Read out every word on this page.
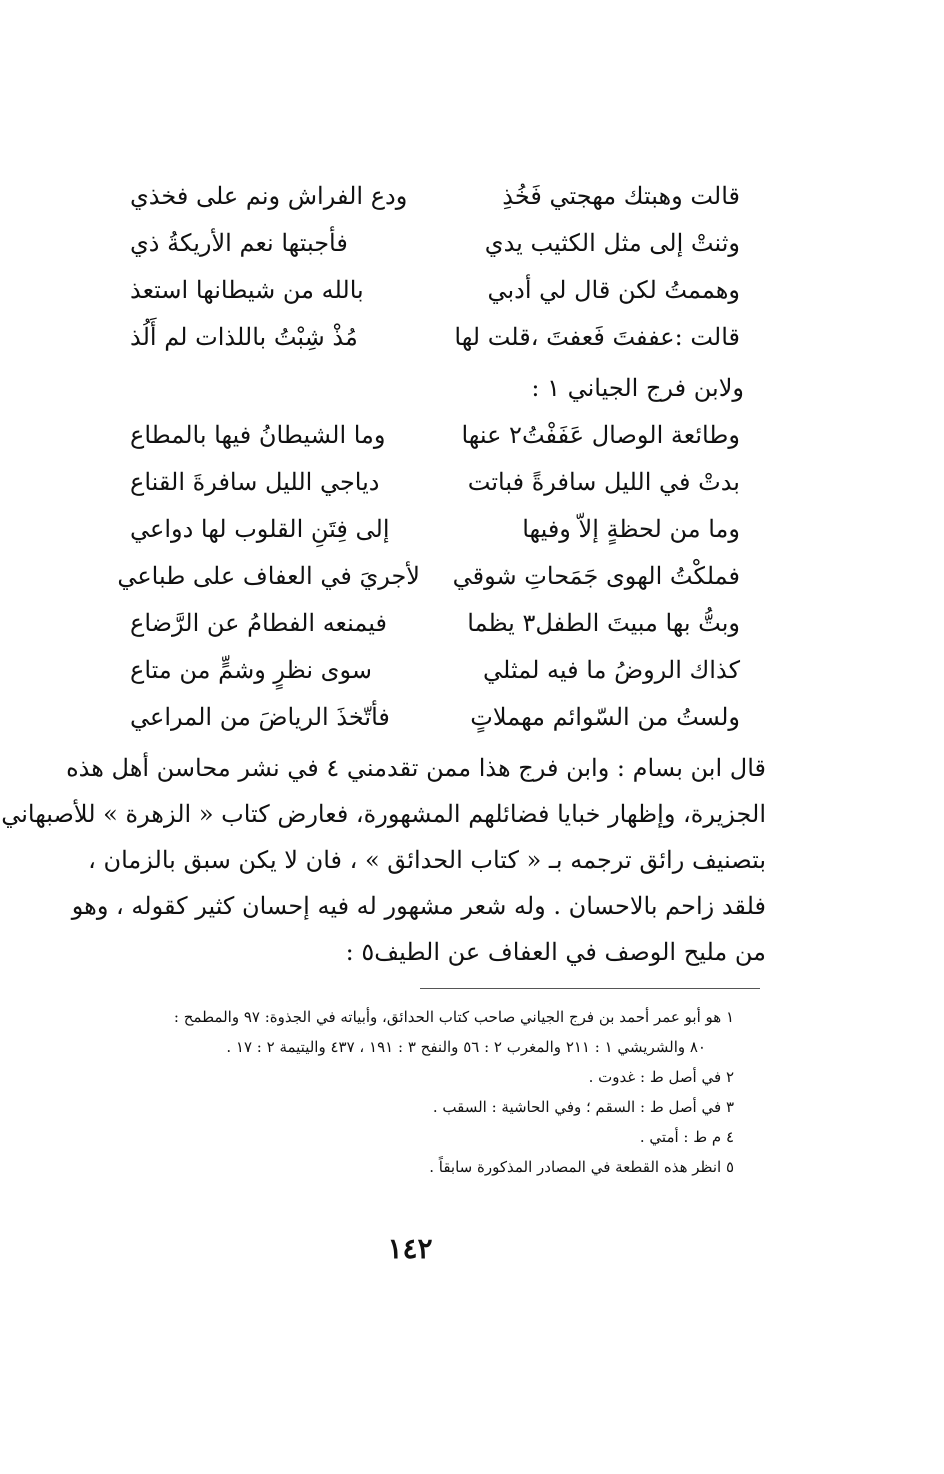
قالت وهبتك مهجتي فَخُذِ
ودع الفراش ونم على فخذي
وثنتْ إلى مثل الكثيب يدي
فأجبتها نعم الأريكةُ ذي
وهممتُ لكن قال لي أدبي
بالله من شيطانها استعذ
قالت :عففتَ فَعفتَ ،قلت لها
مُذْ شِبْتُ باللذات لم أَلُذ
ولابن فرج الجياني ١ :
وطائعة الوصال عَفَفْتُ٢ عنها
وما الشيطانُ فيها بالمطاع
بدتْ في الليل سافرةً فباتت
دياجي الليل سافرةَ القناع
وما من لحظةٍ إلاّ وفيها
إلى فِتَنِ القلوب لها دواعي
فملكْتُ الهوى جَمَحاتِ شوقي
لأجريَ في العفاف على طباعي
وبتُّ بها مبيتَ الطفل٣ يظما
فيمنعه الفطامُ عن الرَّضاع
كذاك الروضُ ما فيه لمثلي
سوى نظرٍ وشمٍّ من متاع
ولستُ من السّوائم مهملاتٍ
فأتّخذَ الرياضَ من المراعي
قال ابن بسام : وابن فرج هذا ممن تقدمني ٤ في نشر محاسن أهل هذه
الجزيرة، وإظهار خبايا فضائلهم المشهورة، فعارض كتاب « الزهرة » للأصبهاني
بتصنيف رائق ترجمه بـ « كتاب الحدائق » ، فان لا يكن سبق بالزمان ،
فلقد زاحم بالاحسان . وله شعر مشهور له فيه إحسان كثير كقوله ، وهو
من مليح الوصف في العفاف عن الطيف٥ :
١ هو أبو عمر أحمد بن فرج الجياني صاحب كتاب الحدائق، وأبياته في الجذوة: ٩٧ والمطمح :
٨٠ والشريشي ١ : ٢١١ والمغرب ٢ : ٥٦ والنفح ٣ : ١٩١ ، ٤٣٧ واليتيمة ٢ : ١٧ .
٢ في أصل ط : غدوت .
٣ في أصل ط : السقم ؛ وفي الحاشية : السقب .
٤ م ط : أمتي .
٥ انظر هذه القطعة في المصادر المذكورة سابقاً .
١٤٢
